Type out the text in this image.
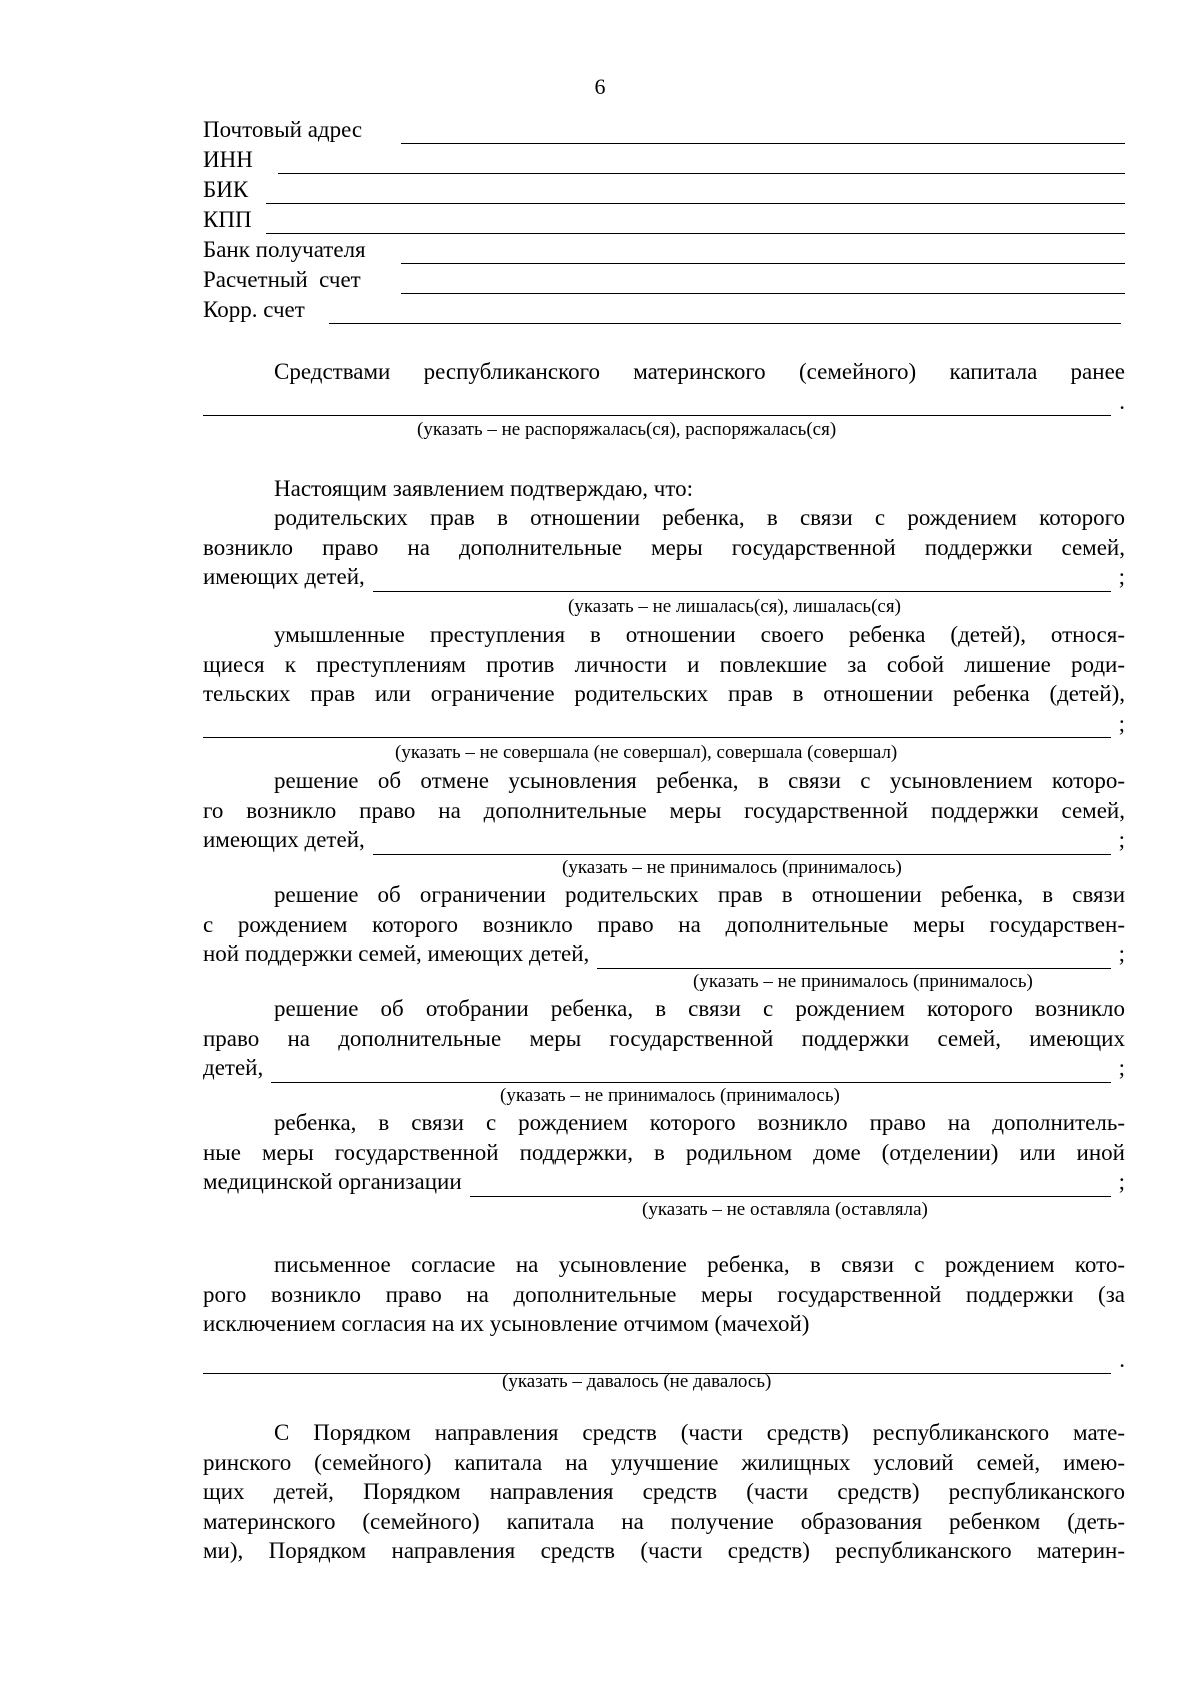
6
Почтовый адрес
ИНН
БИК
КПП
Банк получателя
Расчетный  счет
Корр. счет
Средствами республиканского материнского (семейного) капитала ранее
.
(указать – не распоряжалась(ся), распоряжалась(ся)
Настоящим заявлением подтверждаю, что:
родительских прав в отношении ребенка, в связи с рождением которого
возникло право на дополнительные меры государственной поддержки семей,
имеющих детей,	;
(указать – не лишалась(ся), лишалась(ся)
умышленные преступления в отношении своего ребенка (детей), относя-
щиеся к преступлениям против личности и повлекшие за собой лишение роди-
тельских прав или ограничение родительских прав в отношении ребенка (детей),
;
(указать – не совершала (не совершал), совершала (совершал)
решение об отмене усыновления ребенка, в связи с усыновлением которо-
го возникло право на дополнительные меры государственной поддержки семей,
имеющих детей,	;
(указать – не принималось (принималось)
решение об ограничении родительских прав в отношении ребенка, в связи
с рождением которого возникло право на дополнительные меры государствен-
ной поддержки семей, имеющих детей,	;
(указать – не принималось (принималось)
решение об отобрании ребенка, в связи с рождением которого возникло
право на дополнительные меры государственной поддержки семей, имеющих
детей,	;
(указать – не принималось (принималось)
ребенка, в связи с рождением которого возникло право на дополнитель-
ные меры государственной поддержки, в родильном доме (отделении) или иной
медицинской организации	;
(указать – не оставляла (оставляла)
письменное согласие на усыновление ребенка, в связи с рождением кото-
рого возникло право на дополнительные меры государственной поддержки (за
исключением согласия на их усыновление отчимом (мачехой)
.
(указать – давалось (не давалось)
С Порядком направления средств (части средств) республиканского мате-
ринского (семейного) капитала на улучшение жилищных условий семей, имею-
щих детей, Порядком направления средств (части средств) республиканского
материнского (семейного) капитала на получение образования ребенком (деть-
ми), Порядком направления средств (части средств) республиканского материн-
